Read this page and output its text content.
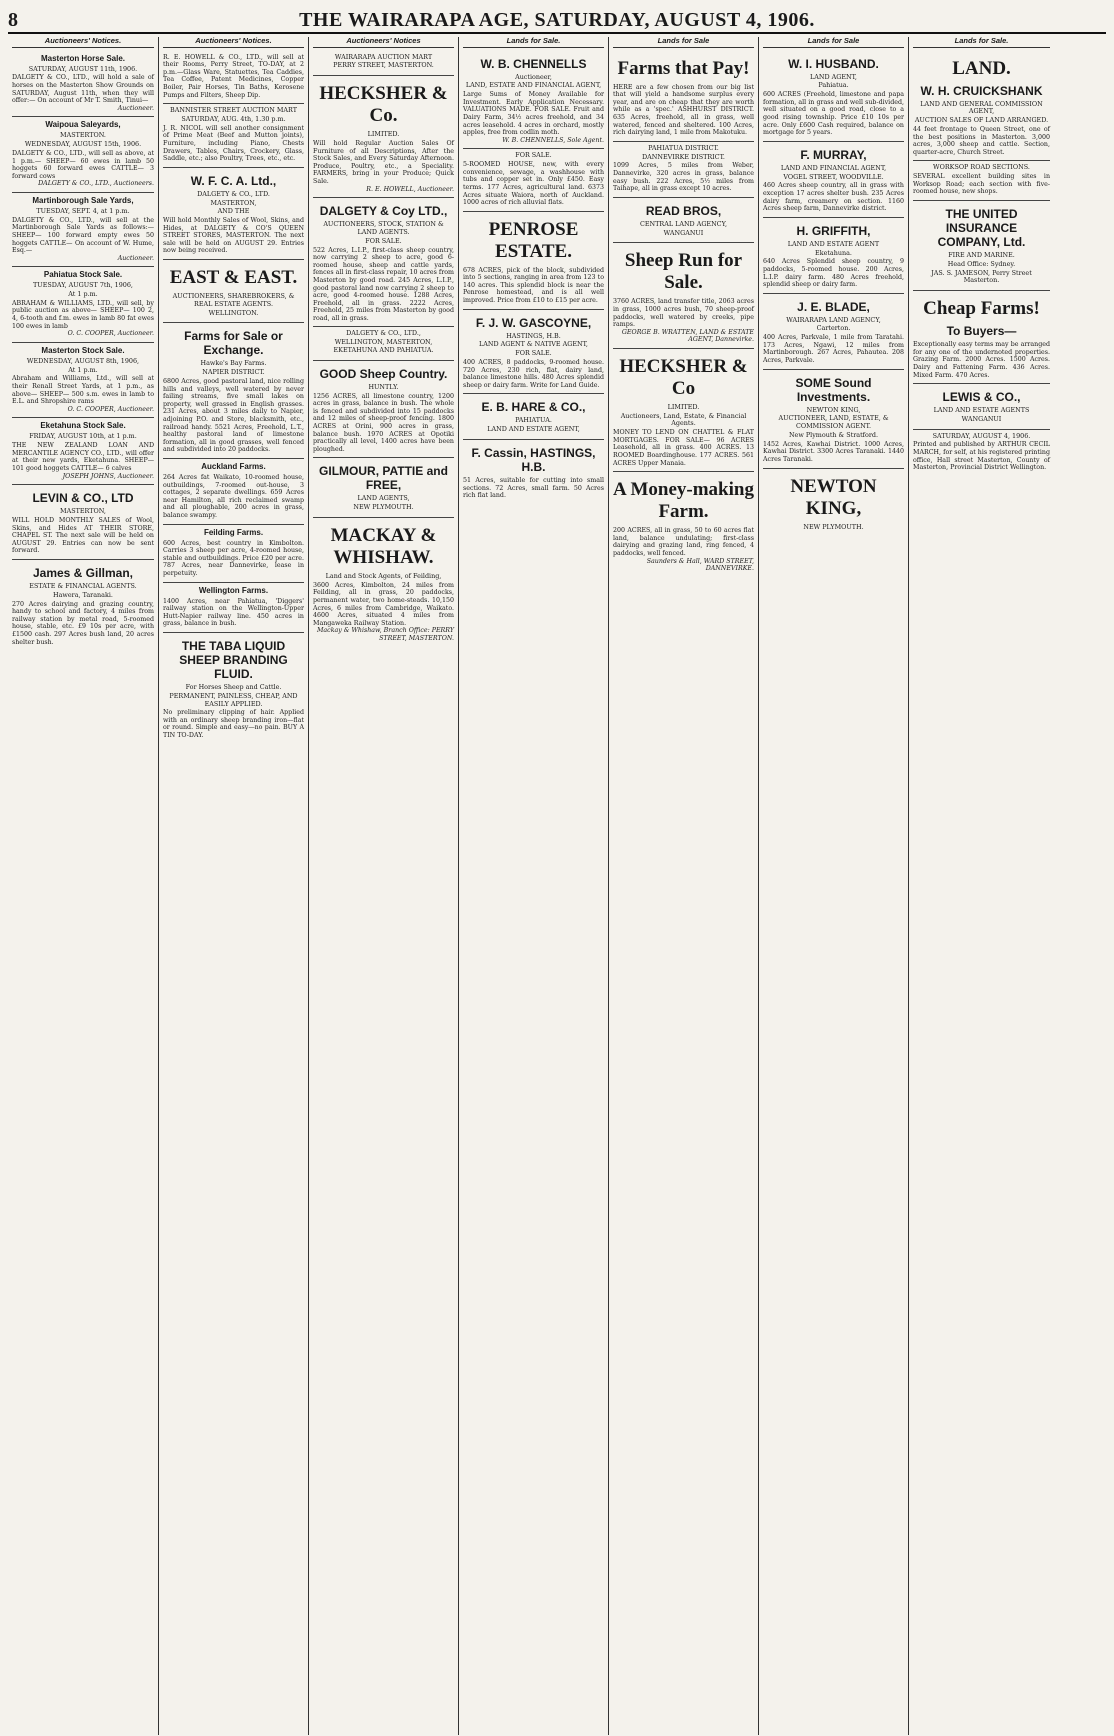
8	THE WAIRARAPA AGE, SATURDAY, AUGUST 4, 1906.
Auctioneers' Notices.
Masterton Horse Sale.
SATURDAY, AUGUST 11th, 1906.
DALGETY & CO., LTD., will hold a sale of horses on the Masterton Show Grounds on SATURDAY, August 11th, when they will offer:— On account of Mr T. Smith, Tinui—
Auctioneer.
Waipoua Saleyards,
MASTERTON.
WEDNESDAY, AUGUST 15th, 1906.
DALGETY & CO., LTD., will sell as above, at 1 p.m.— SHEEP— 60 ewes in lamb 50 hoggets 60 forward ewes CATTLE— 3 forward cows
DALGETY & CO., LTD., Auctioneers.
Martinborough Sale Yards,
TUESDAY, SEPT. 4, at 1 p.m.
DALGETY & CO., LTD., will sell at the Martinborough Sale Yards as follows:— SHEEP— 100 forward empty ewes 50 hoggets CATTLE— On account of W. Hume, Esq.—
Auctioneer.
Pahiatua Stock Sale.
TUESDAY, AUGUST 7th, 1906,
At 1 p.m.
ABRAHAM & WILLIAMS, LTD., will sell, by public auction as above— SHEEP— 100 2, 4, 6-tooth and f.m. ewes in lamb 80 fat ewes 100 ewes in lamb
O. C. COOPER, Auctioneer.
Masterton Stock Sale.
WEDNESDAY, AUGUST 8th, 1906,
At 1 p.m.
Abraham and Williams, Ltd., will sell at their Renall Street Yards, at 1 p.m., as above— SHEEP— 500 s.m. ewes in lamb to E.L. and Shropshire rams
O. C. COOPER, Auctioneer.
Eketahuna Stock Sale.
FRIDAY, AUGUST 10th, at 1 p.m.
THE NEW ZEALAND LOAN AND MERCANTILE AGENCY CO., LTD., will offer at their new yards, Eketahuna. SHEEP— 101 good hoggets CATTLE— 6 calves
JOSEPH JOHNS, Auctioneer.
LEVIN & CO., LTD
MASTERTON,
WILL HOLD MONTHLY SALES of Wool, Skins, and Hides AT THEIR STORE, CHAPEL ST. The next sale will be held on AUGUST 29. Entries can now be sent forward.
James & Gillman,
ESTATE & FINANCIAL AGENTS.
Hawera, Taranaki.
270 Acres dairying and grazing country, handy to school and factory, 4 miles from railway station by metal road, 5-roomed house, stable, etc. £9 10s per acre, with £1500 cash. 297 Acres bush land, 20 acres shelter bush.
Auctioneers' Notices.
R. E. HOWELL & CO., LTD., will sell at their Rooms, Perry Street, TO-DAY, at 2 p.m.—Glass Ware, Statuettes, Tea Caddies, Tea Coffee, Patent Medicines, Copper Boiler, Pair Horses, Tin Baths, Kerosene Pumps and Filters, Sheep Dip.
BANNISTER STREET AUCTION MART
SATURDAY, AUG. 4th, 1.30 p.m.
J. R. NICOL will sell another consignment of Prime Meat (Beef and Mutton joints), Furniture, including Piano, Chests Drawers, Tables, Chairs, Crockery, Glass, Saddle, etc.; also Poultry, Trees, etc., etc.
W. F. C. A. Ltd.,
DALGETY & CO., LTD.
MASTERTON,
AND THE
Will hold Monthly Sales of Wool, Skins, and Hides, at DALGETY & CO'S QUEEN STREET STORES, MASTERTON. The next sale will be held on AUGUST 29. Entries now being received.
EAST & EAST.
AUCTIONEERS, SHAREBROKERS, & REAL ESTATE AGENTS.
WELLINGTON.
Farms for Sale or Exchange.
Hawke's Bay Farms.
NAPIER DISTRICT.
6800 Acres, good pastoral land, nice rolling hills and valleys, well watered by never failing streams, five small lakes on property, well grassed in English grasses. 231 Acres, about 3 miles daily to Napier, adjoining P.O. and Store, blacksmith, etc., railroad handy. 5521 Acres, Freehold, L.T., healthy pastoral land of limestone formation, all in good grasses, well fenced and subdivided into 20 paddocks.
Auckland Farms.
264 Acres fat Waikato, 10-roomed house, outbuildings, 7-roomed out-house, 3 cottages, 2 separate dwellings. 659 Acres near Hamilton, all rich reclaimed swamp and all ploughable, 200 acres in grass, balance swampy.
Feilding Farms.
600 Acres, best country in Kimbolton. Carries 3 sheep per acre, 4-roomed house, stable and outbuildings. Price £20 per acre. 787 Acres, near Dannevirke, lease in perpetuity.
Wellington Farms.
1400 Acres, near Pahiatua, 'Diggers' railway station on the Wellington-Upper Hutt-Napier railway line. 450 acres in grass, balance in bush.
THE TABA LIQUID SHEEP BRANDING FLUID.
For Horses Sheep and Cattle.
PERMANENT, PAINLESS, CHEAP, AND EASILY APPLIED.
No preliminary clipping of hair. Applied with an ordinary sheep branding iron—flat or round. Simple and easy—no pain. BUY A TIN TO-DAY.
Auctioneers' Notices
WAIRARAPA AUCTION MART
PERRY STREET, MASTERTON.
HECKSHER & Co.
LIMITED.
Will hold Regular Auction Sales Of Furniture of all Descriptions, After the Stock Sales, and Every Saturday Afternoon. Produce, Poultry, etc., a Speciality. FARMERS, bring in your Produce; Quick Sale.
R. E. HOWELL, Auctioneer.
DALGETY & Coy LTD.,
AUCTIONEERS, STOCK, STATION & LAND AGENTS.
FOR SALE.
522 Acres, L.I.P., first-class sheep country, now carrying 2 sheep to acre, good 6-roomed house, sheep and cattle yards, fences all in first-class repair, 10 acres from Masterton by good road. 245 Acres, L.I.P., good pastoral land now carrying 2 sheep to acre, good 4-roomed house. 1288 Acres, Freehold, all in grass. 2222 Acres, Freehold, 25 miles from Masterton by good road, all in grass.
DALGETY & CO., LTD.,
WELLINGTON, MASTERTON, EKETAHUNA AND PAHIATUA.
GOOD Sheep Country.
HUNTLY.
1256 ACRES, all limestone country, 1200 acres in grass, balance in bush. The whole is fenced and subdivided into 15 paddocks and 12 miles of sheep-proof fencing. 1800 ACRES at Orini, 900 acres in grass, balance bush. 1970 ACRES at Opotiki practically all level, 1400 acres have been ploughed.
GILMOUR, PATTIE and FREE,
LAND AGENTS,
NEW PLYMOUTH.
MACKAY & WHISHAW.
Land and Stock Agents, of Feilding,
3600 Acres, Kimbolton, 24 miles from Feilding, all in grass, 20 paddocks, permanent water, two home-steads. 10,150 Acres, 6 miles from Cambridge, Waikato. 4600 Acres, situated 4 miles from Mangaweka Railway Station.
Mackay & Whishaw, Branch Office: PERRY STREET, MASTERTON.
Lands for Sale.
W. B. CHENNELLS
Auctioneer,
LAND, ESTATE AND FINANCIAL AGENT,
Large Sums of Money Available for Investment. Early Application Necessary. VALUATIONS MADE. FOR SALE. Fruit and Dairy Farm, 34½ acres freehold, and 34 acres leasehold. 4 acres in orchard, mostly apples, free from codlin moth.
W. B. CHENNELLS, Sole Agent.
FOR SALE.
5-ROOMED HOUSE, new, with every convenience, sewage, a washhouse with tubs and copper set in. Only £450. Easy terms. 177 Acres, agricultural land. 6373 Acres situate Waiora, north of Auckland. 1000 acres of rich alluvial flats.
PENROSE ESTATE.
678 ACRES, pick of the block, subdivided into 5 sections, ranging in area from 123 to 140 acres. This splendid block is near the Penrose homestead, and is all well improved. Price from £10 to £15 per acre.
F. J. W. GASCOYNE,
HASTINGS, H.B.
LAND AGENT & NATIVE AGENT,
FOR SALE.
400 ACRES, 8 paddocks, 9-roomed house. 720 Acres, 230 rich, flat, dairy land, balance limestone hills. 480 Acres splendid sheep or dairy farm. Write for Land Guide.
E. B. HARE & CO.,
PAHIATUA.
LAND AND ESTATE AGENT,
F. Cassin, HASTINGS, H.B.
51 Acres, suitable for cutting into small sections. 72 Acres, small farm. 50 Acres rich flat land.
Lands for Sale
Farms that Pay!
HERE are a few chosen from our big list that will yield a handsome surplus every year, and are on cheap that they are worth while as a 'spec.' ASHHURST DISTRICT. 635 Acres, freehold, all in grass, well watered, fenced and sheltered. 100 Acres, rich dairying land, 1 mile from Makotuku.
PAHIATUA DISTRICT.
DANNEVIRKE DISTRICT.
1099 Acres, 5 miles from Weber, Dannevirke, 320 acres in grass, balance easy bush. 222 Acres, 5½ miles from Taihape, all in grass except 10 acres.
READ BROS,
CENTRAL LAND AGENCY,
WANGANUI
Sheep Run for Sale.
3760 ACRES, land transfer title, 2063 acres in grass, 1000 acres bush, 70 sheep-proof paddocks, well watered by creeks, pipe ramps.
GEORGE B. WRATTEN, LAND & ESTATE AGENT, Dannevirke.
HECKSHER & Co
LIMITED.
Auctioneers, Land, Estate, & Financial Agents.
MONEY TO LEND ON CHATTEL & FLAT MORTGAGES. FOR SALE— 96 ACRES Leasehold, all in grass. 400 ACRES. 13 ROOMED Boardinghouse. 177 ACRES. 561 ACRES Upper Manaia.
A Money-making Farm.
200 ACRES, all in grass, 50 to 60 acres flat land, balance undulating; first-class dairying and grazing land, ring fenced, 4 paddocks, well fenced.
Saunders & Hall, WARD STREET, DANNEVIRKE.
Lands for Sale
W. I. HUSBAND.
LAND AGENT,
Pahiatua.
600 ACRES (Freehold, limestone and papa formation, all in grass and well sub-divided, well situated on a good road, close to a good rising township. Price £10 10s per acre. Only £600 Cash required, balance on mortgage for 5 years.
F. MURRAY,
LAND AND FINANCIAL AGENT,
VOGEL STREET, WOODVILLE.
460 Acres sheep country, all in grass with exception 17 acres shelter bush. 235 Acres dairy farm, creamery on section. 1160 Acres sheep farm, Dannevirke district.
H. GRIFFITH,
LAND AND ESTATE AGENT
Eketahuna.
640 Acres Splendid sheep country, 9 paddocks, 5-roomed house. 200 Acres, L.I.P. dairy farm. 480 Acres freehold, splendid sheep or dairy farm.
J. E. BLADE,
WAIRARAPA LAND AGENCY,
Carterton.
400 Acres, Parkvale, 1 mile from Taratahi. 173 Acres, Ngawi, 12 miles from Martinborough. 267 Acres, Pahautea. 208 Acres, Parkvale.
SOME Sound Investments.
NEWTON KING,
AUCTIONEER, LAND, ESTATE, & COMMISSION AGENT.
New Plymouth & Stratford.
1452 Acres, Kawhai District. 1000 Acres, Kawhai District. 3300 Acres Taranaki. 1440 Acres Taranaki.
NEWTON KING,
NEW PLYMOUTH.
Lands for Sale.
LAND.
W. H. CRUICKSHANK
LAND AND GENERAL COMMISSION AGENT,
AUCTION SALES OF LAND ARRANGED.
44 feet frontage to Queen Street, one of the best positions in Masterton. 3,000 acres, 3,000 sheep and cattle. Section, quarter-acre, Church Street.
WORKSOP ROAD SECTIONS.
SEVERAL excellent building sites in Worksop Road; each section with five-roomed house, new shops.
THE UNITED INSURANCE COMPANY, Ltd.
FIRE AND MARINE.
Head Office: Sydney.
JAS. S. JAMESON, Perry Street Masterton.
Cheap Farms!
To Buyers—
Exceptionally easy terms may be arranged for any one of the undernoted properties. Grazing Farm. 2000 Acres. 1500 Acres. Dairy and Fattening Farm. 436 Acres. Mixed Farm. 470 Acres.
LEWIS & CO.,
LAND AND ESTATE AGENTS
WANGANUI
SATURDAY, AUGUST 4, 1906.
Printed and published by ARTHUR CECIL MARCH, for self, at his registered printing office, Hall street Masterton, County of Masterton, Provincial District Wellington.
